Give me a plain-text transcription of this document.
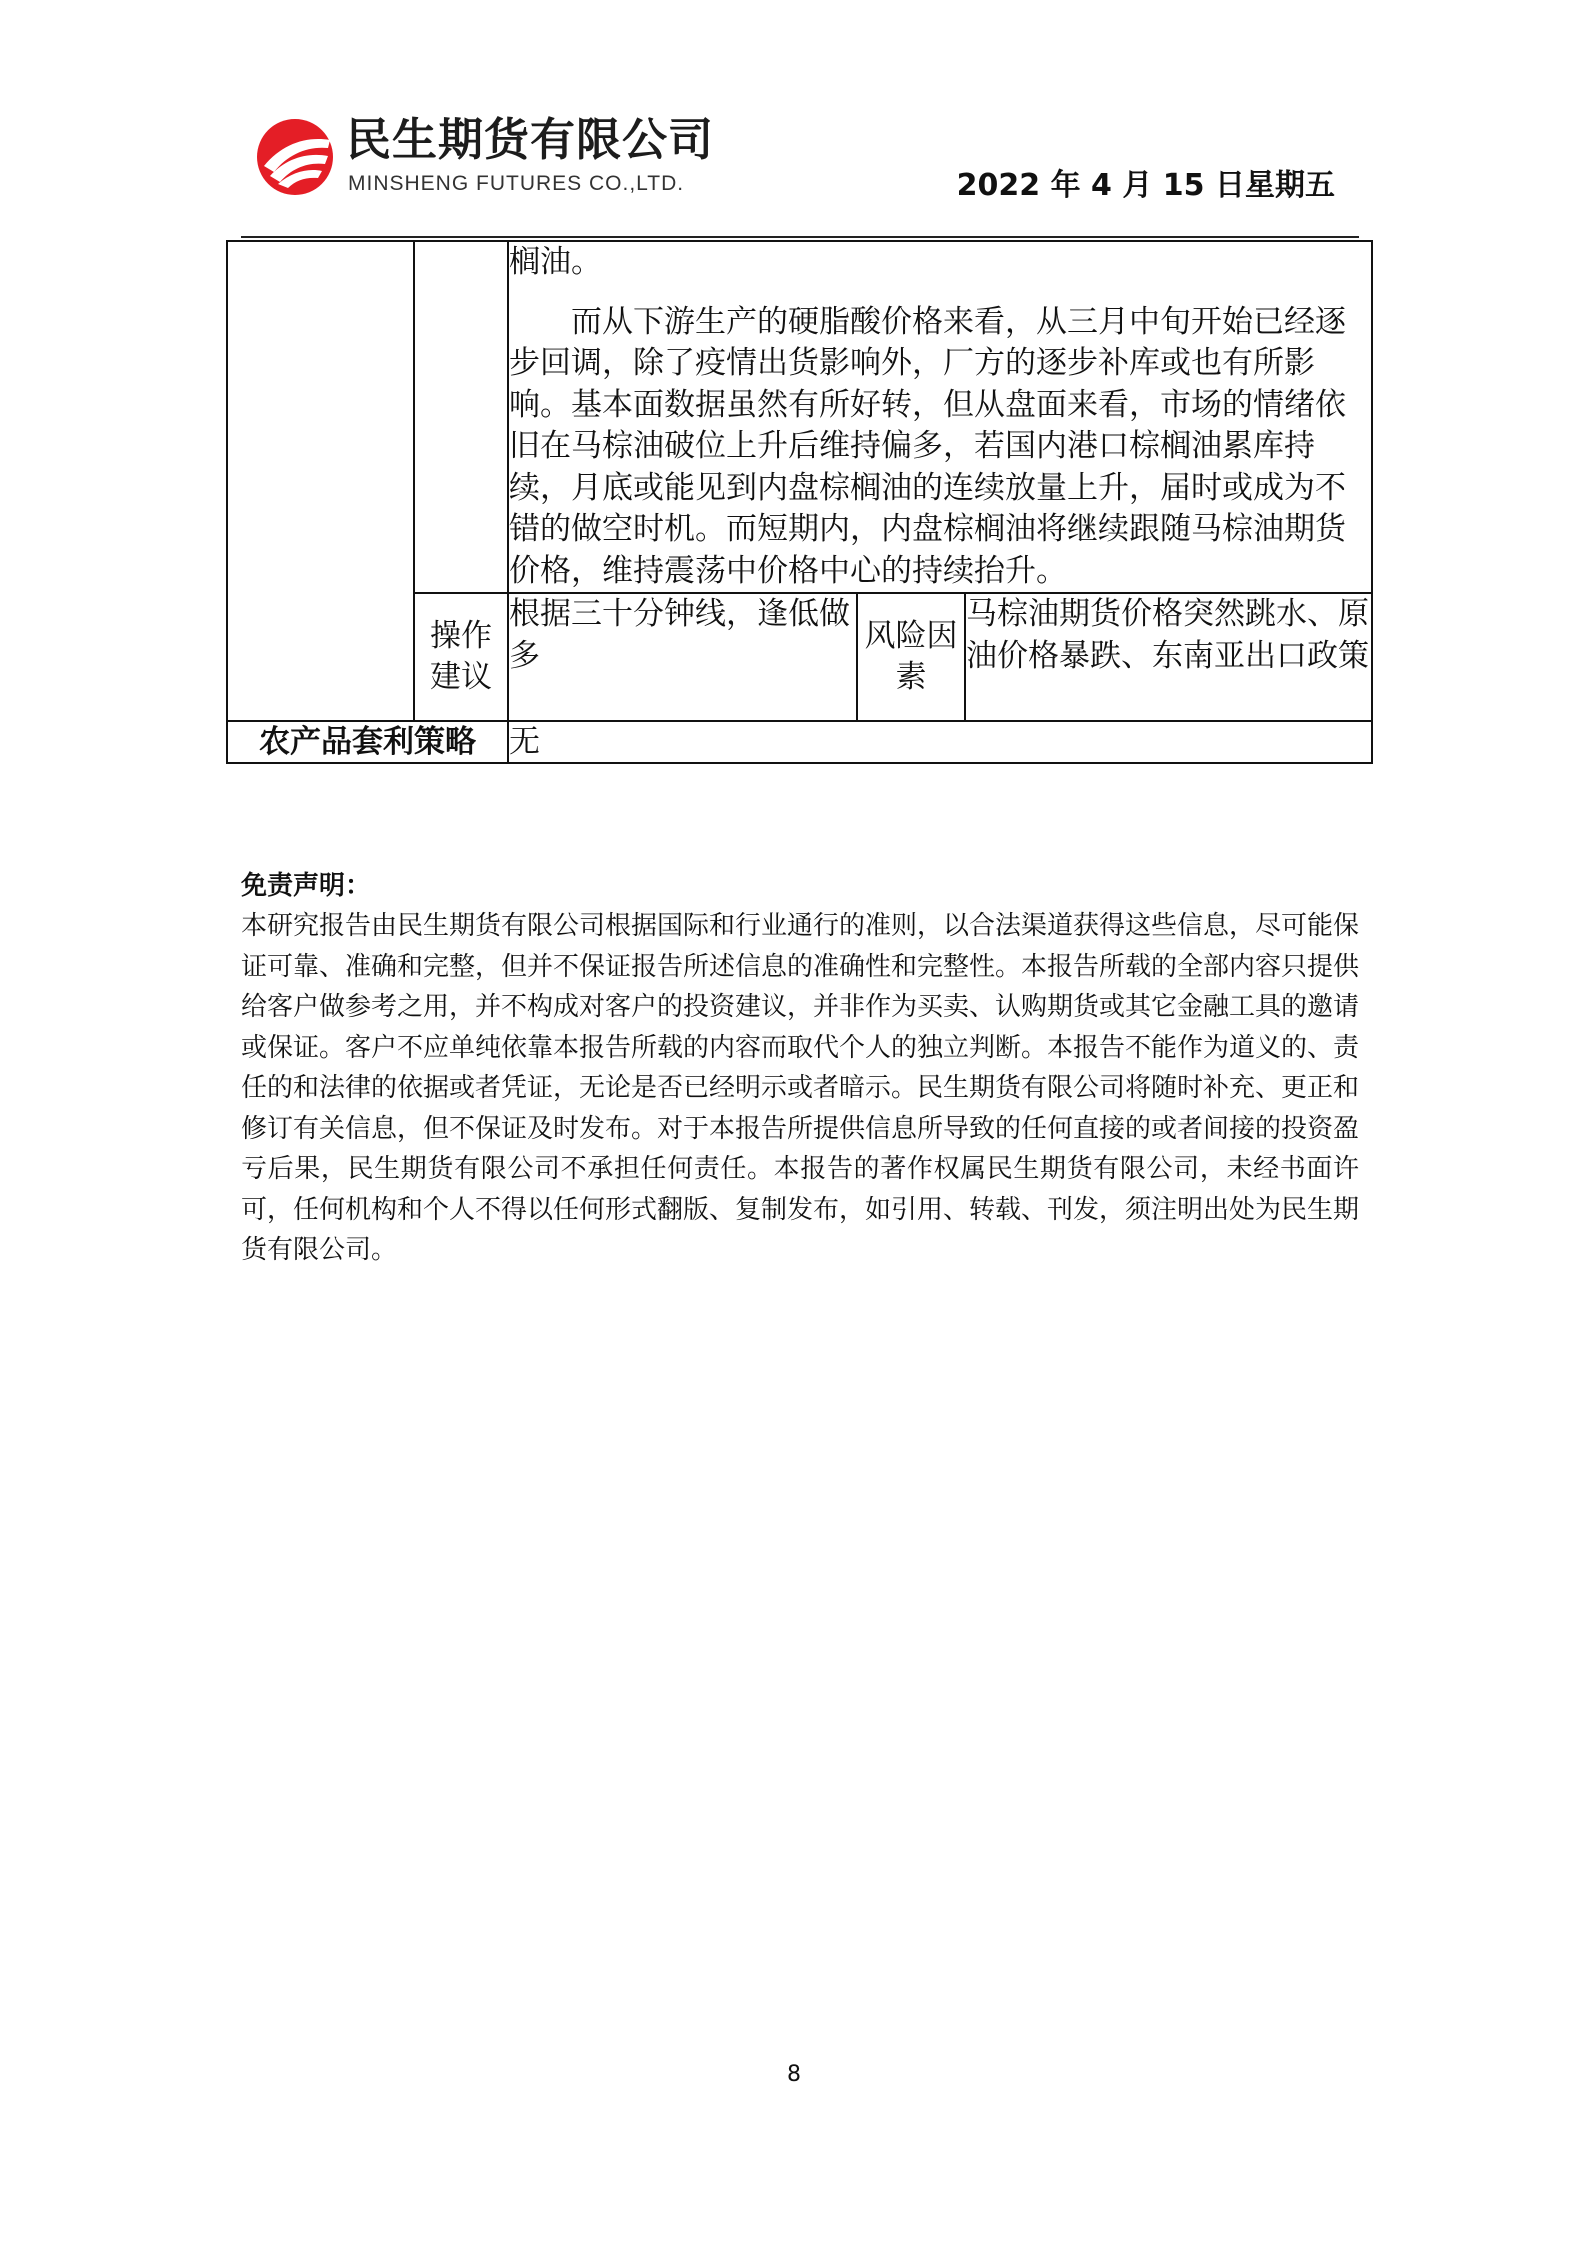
民生期货有限公司
MINSHENG FUTURES CO.,LTD.	2022 年 4 月 15 日星期五

		榈油。

而从下游生产的硬脂酸价格来看，从三月中旬开始已经逐步回调，除了疫情出货影响外，厂方的逐步补库或也有所影响。基本面数据虽然有所好转，但从盘面来看，市场的情绪依旧在马棕油破位上升后维持偏多，若国内港口棕榈油累库持续，月底或能见到内盘棕榈油的连续放量上升，届时或成为不错的做空时机。而短期内，内盘棕榈油将继续跟随马棕油期货价格，维持震荡中价格中心的持续抬升。		

	操作建议	根据三十分钟线，逢低做多	风险因素	马棕油期货价格突然跳水、原油价格暴跌、东南亚出口政策
农产品套利策略		无		

免责声明：

本研究报告由民生期货有限公司根据国际和行业通行的准则，以合法渠道获得这些信息，尽可能保证可靠、准确和完整，但并不保证报告所述信息的准确性和完整性。本报告所载的全部内容只提供给客户做参考之用，并不构成对客户的投资建议，并非作为买卖、认购期货或其它金融工具的邀请或保证。客户不应单纯依靠本报告所载的内容而取代个人的独立判断。本报告不能作为道义的、责任的和法律的依据或者凭证，无论是否已经明示或者暗示。民生期货有限公司将随时补充、更正和修订有关信息，但不保证及时发布。对于本报告所提供信息所导致的任何直接的或者间接的投资盈亏后果，民生期货有限公司不承担任何责任。本报告的著作权属民生期货有限公司，未经书面许可，任何机构和个人不得以任何形式翻版、复制发布，如引用、转载、刊发，须注明出处为民生期货有限公司。

8
